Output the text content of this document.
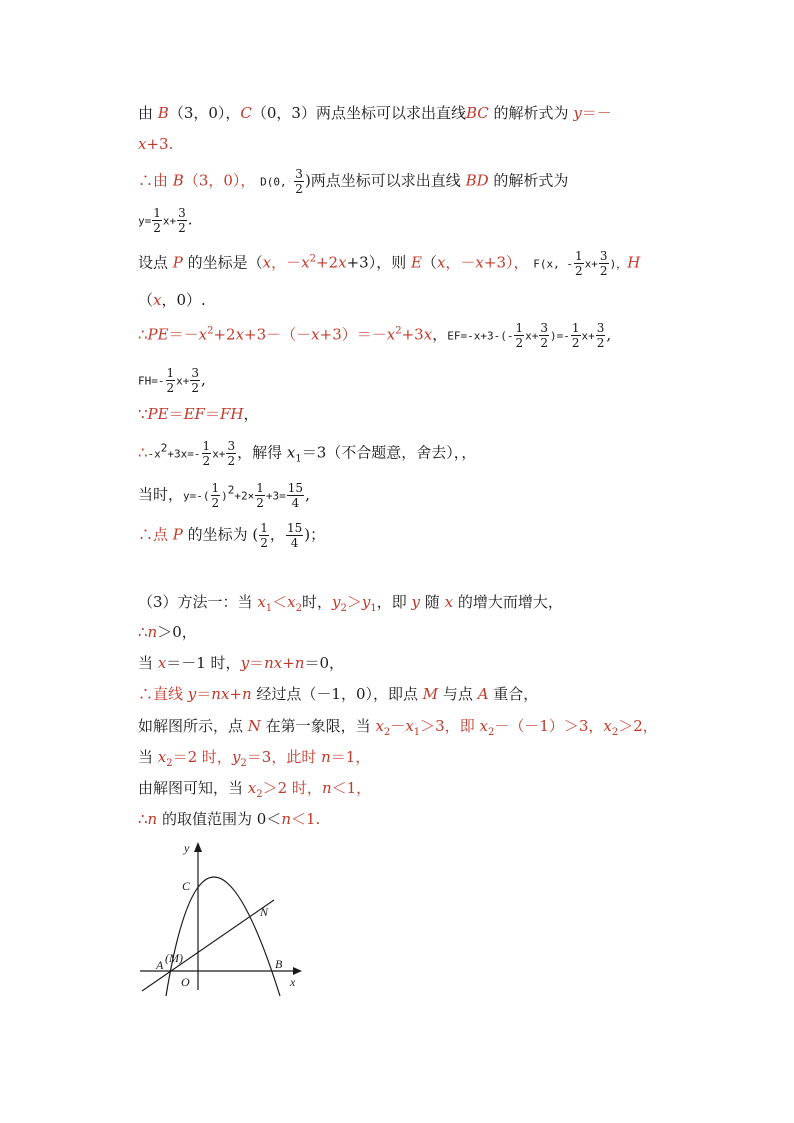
由 B（3，0），C（0，3）两点坐标可以求出直线BC 的解析式为 y＝－
x+3.
∴由 B（3，0）， D(0, $\frac{3}{2}$ )两点坐标可以求出直线 BD 的解析式为
$y= \frac{1}{2} x+ \frac{3}{2}$ .
设点 P 的坐标是（x，$-x^2+2x+3$），则 E（x，－x+3）， F(x, - $\frac{1}{2} x+ \frac{3}{2}$ )，H
（x，0）.
$\therefore PE=-x^2+2x+3-(-x+3)=-x^2+3x$，$EF=-x+3-(- \frac{1}{2} x+ \frac{3}{2}$ )=- $\frac{1}{2} x+ \frac{3}{2}$ ,
$FH=- \frac{1}{2} x+ \frac{3}{2}$ ,
∵PE＝EF＝FH，
$\therefore-x^2+3x=- \frac{1}{2} x+ \frac{3}{2}$ ，解得 $x_1=3$（不合题意，舍去），，
当时，$y=-( \frac{1}{2} )^2+2\times \frac{1}{2} +3= \frac{15}{4}$ ,
∴点 P 的坐标为 ( $\frac{1}{2}$ ， $\frac{15}{4}$ )；
（3）方法一：当 $x_1<x_2$时，$y_2>y_1$，即 y 随 x 的增大而增大，
∴n＞0，
当 x＝－1 时，y＝nx+n＝0，
∴直线 y＝nx+n 经过点（－1，0），即点 M 与点 A 重合，
如解图所示，点 N 在第一象限，当 $x_2-x_1>3$，即 $x_2-(-1)>3$，$x_2>2$，
当 $x_2=2$ 时，$y_2=3$，此时 n＝1，
由解图可知，当 $x_2>2$ 时，n＜1，
∴n 的取值范围为 0＜n＜1.
y
x
C
N
A (M)	B
O
